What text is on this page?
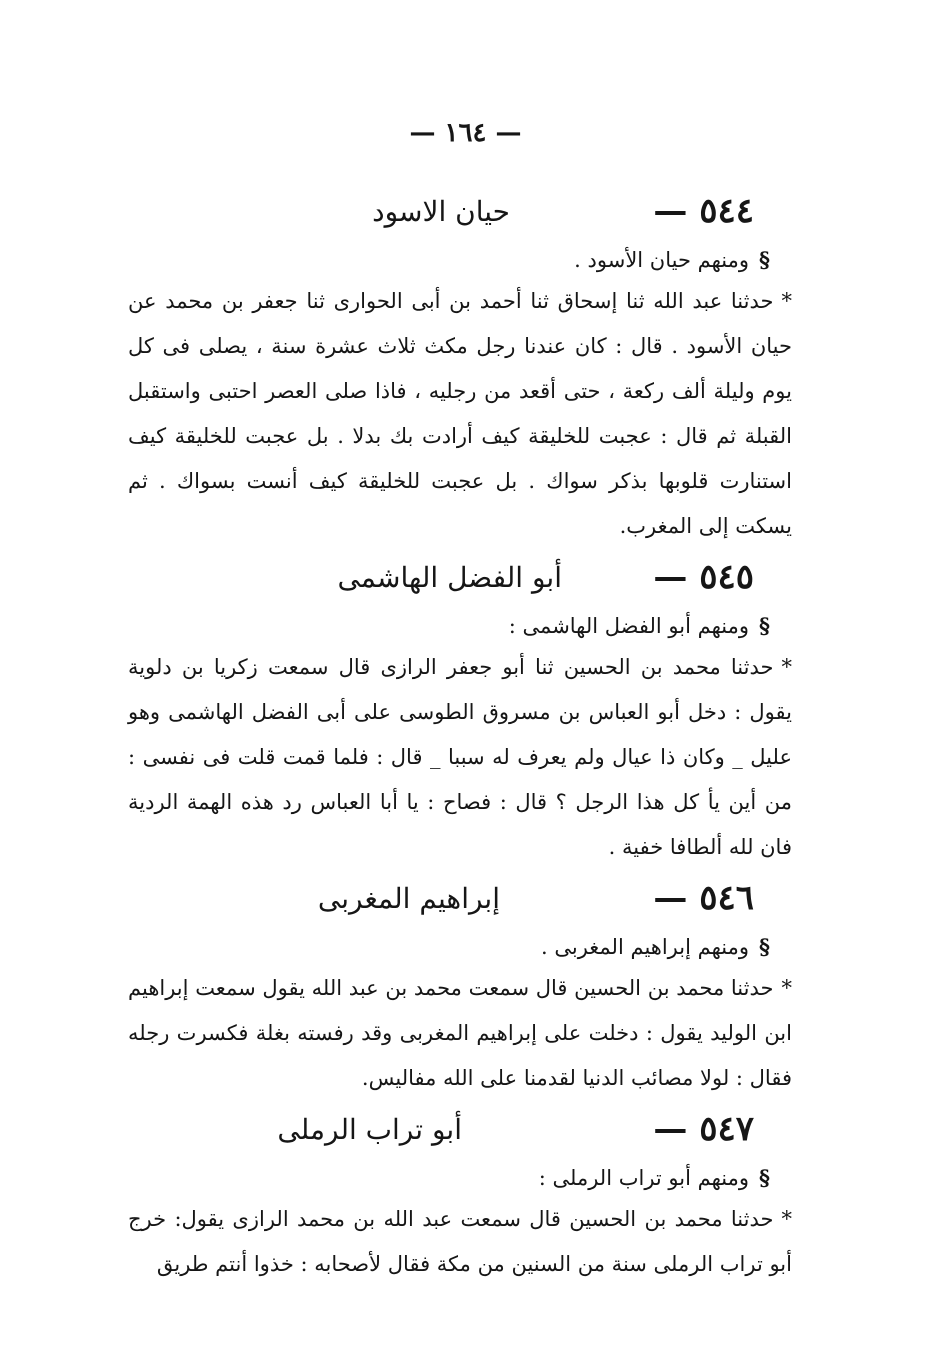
— ١٦٤ —
٥٤٤ —
حيان الاسود

§ومنهم حيان الأسود .

*حدثنا عبد الله ثنا إسحاق ثنا أحمد بن أبى الحوارى ثنا جعفر بن محمد عن حيان الأسود . قال : كان عندنا رجل مكث ثلاث عشرة سنة ، يصلى فى كل يوم وليلة ألف ركعة ، حتى أقعد من رجليه ، فاذا صلى العصر احتبى واستقبل القبلة ثم قال : عجبت للخليقة كيف أرادت بك بدلا . بل عجبت للخليقة كيف استنارت قلوبها بذكر سواك . بل عجبت للخليقة كيف أنست بسواك . ثم يسكت إلى المغرب.

٥٤٥ —
أبو الفضل الهاشمى

§ومنهم أبو الفضل الهاشمى :

*حدثنا محمد بن الحسين ثنا أبو جعفر الرازى قال سمعت زكريا بن دلوية يقول : دخل أبو العباس بن مسروق الطوسى على أبى الفضل الهاشمى وهو عليل _ وكان ذا عيال ولم يعرف له سببا _ قال : فلما قمت قلت فى نفسى : من أين يأ كل هذا الرجل ؟ قال : فصاح : يا أبا العباس رد هذه الهمة الردية فان لله ألطافا خفية .

٥٤٦ —
إبراهيم المغربى

§ومنهم إبراهيم المغربى .

*حدثنا محمد بن الحسين قال سمعت محمد بن عبد الله يقول سمعت إبراهيم ابن الوليد يقول : دخلت على إبراهيم المغربى وقد رفسته بغلة فكسرت رجله فقال : لولا مصائب الدنيا لقدمنا على الله مفاليس.

٥٤٧ —
أبو تراب الرملى

§ومنهم أبو تراب الرملى :

*حدثنا محمد بن الحسين قال سمعت عبد الله بن محمد الرازى يقول: خرج أبو تراب الرملى سنة من السنين من مكة فقال لأصحابه : خذوا أنتم طريق
